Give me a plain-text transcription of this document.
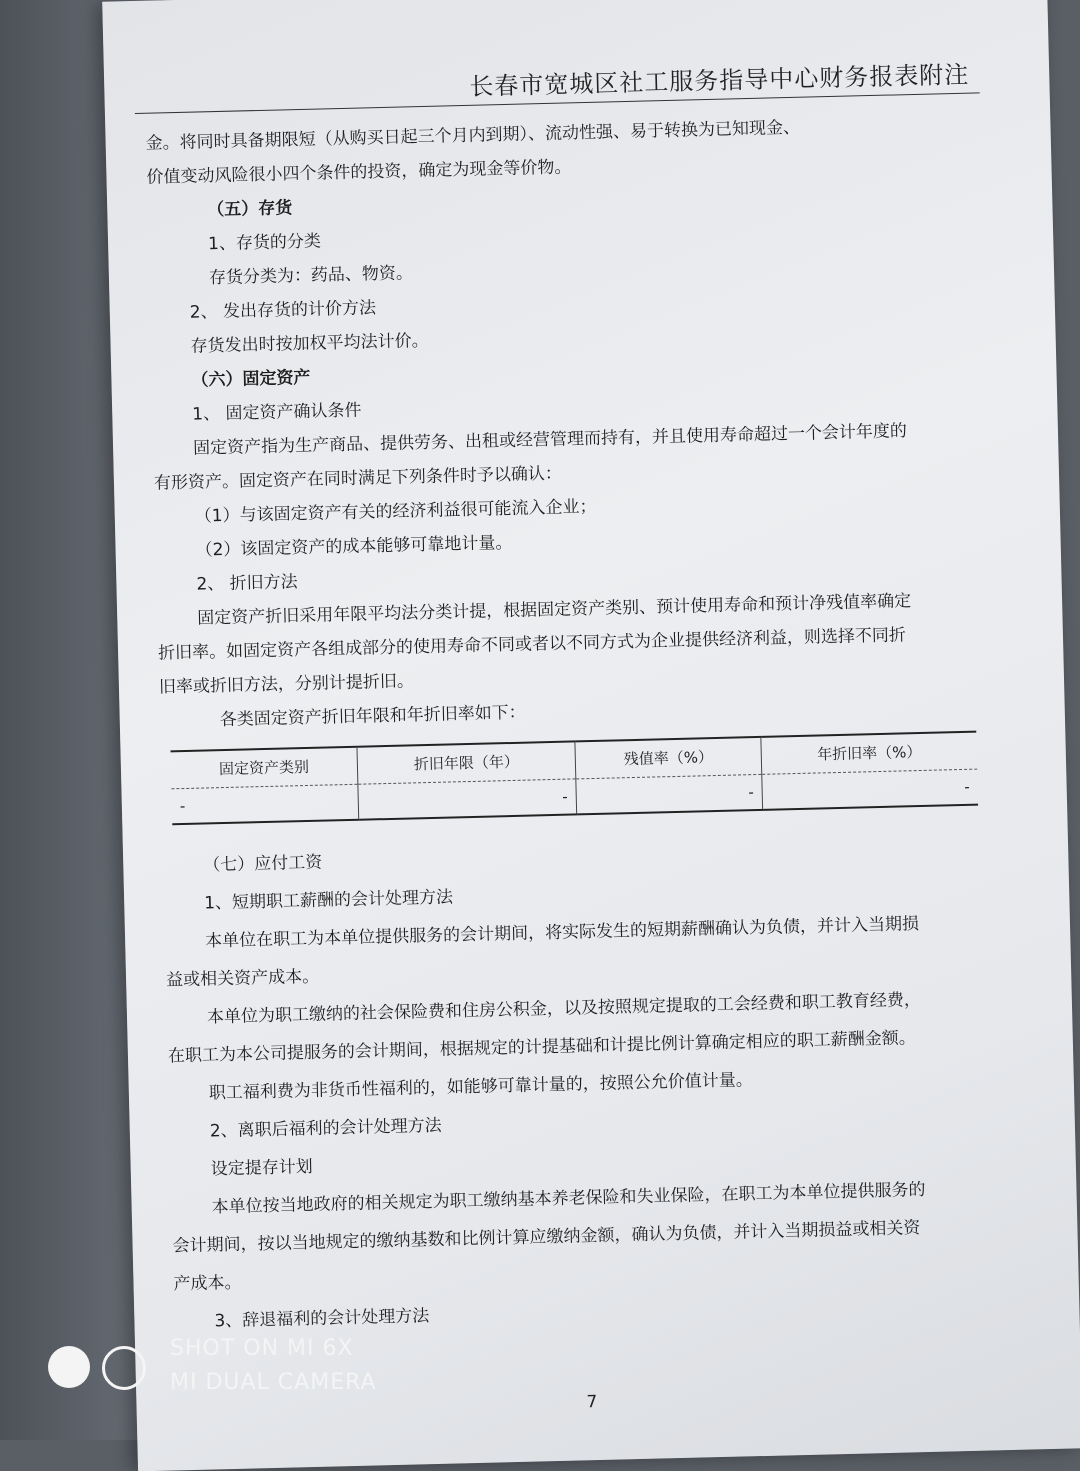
长春市宽城区社工服务指导中心财务报表附注

金。将同时具备期限短（从购买日起三个月内到期）、流动性强、易于转换为已知现金、

价值变动风险很小四个条件的投资，确定为现金等价物。

（五）存货

1、存货的分类

存货分类为：药品、物资。

2、 发出存货的计价方法

存货发出时按加权平均法计价。

（六）固定资产

1、 固定资产确认条件

固定资产指为生产商品、提供劳务、出租或经营管理而持有，并且使用寿命超过一个会计年度的

有形资产。固定资产在同时满足下列条件时予以确认：

（1）与该固定资产有关的经济利益很可能流入企业；

（2）该固定资产的成本能够可靠地计量。

2、 折旧方法

固定资产折旧采用年限平均法分类计提，根据固定资产类别、预计使用寿命和预计净残值率确定

折旧率。如固定资产各组成部分的使用寿命不同或者以不同方式为企业提供经济利益，则选择不同折

旧率或折旧方法，分别计提折旧。

各类固定资产折旧年限和年折旧率如下：

固定资产类别	折旧年限（年）	残值率（%）	年折旧率（%）
-	-	-	-

（七）应付工资

1、短期职工薪酬的会计处理方法

本单位在职工为本单位提供服务的会计期间，将实际发生的短期薪酬确认为负债，并计入当期损

益或相关资产成本。

本单位为职工缴纳的社会保险费和住房公积金，以及按照规定提取的工会经费和职工教育经费，

在职工为本公司提服务的会计期间，根据规定的计提基础和计提比例计算确定相应的职工薪酬金额。

职工福利费为非货币性福利的，如能够可靠计量的，按照公允价值计量。

2、离职后福利的会计处理方法

设定提存计划

本单位按当地政府的相关规定为职工缴纳基本养老保险和失业保险，在职工为本单位提供服务的

会计期间，按以当地规定的缴纳基数和比例计算应缴纳金额，确认为负债，并计入当期损益或相关资

产成本。

3、辞退福利的会计处理方法

7
SHOT ON MI 6X
MI DUAL CAMERA
